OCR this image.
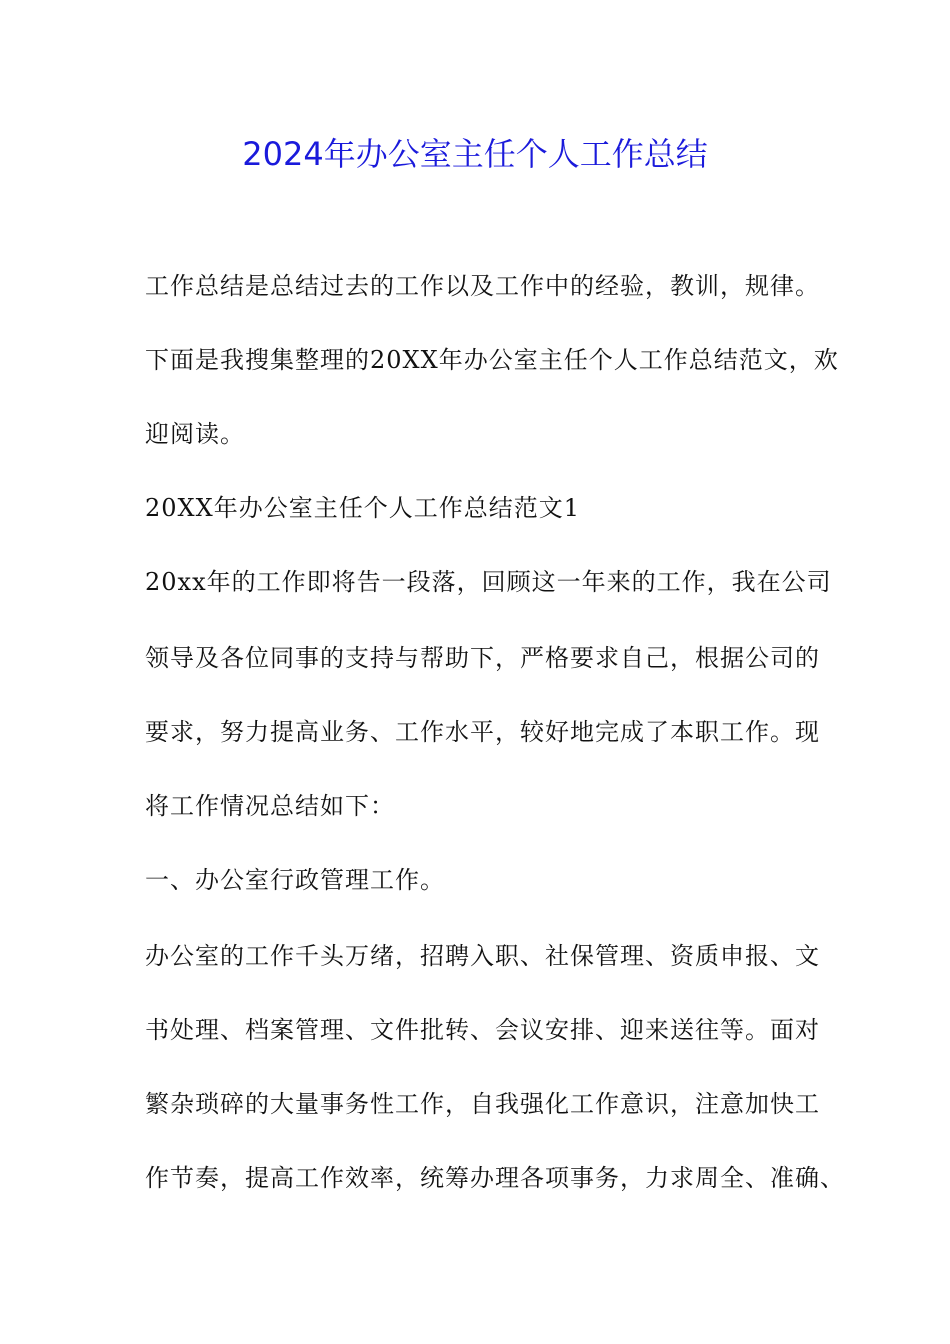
2024年办公室主任个人工作总结
工作总结是总结过去的工作以及工作中的经验，教训，规律。
下面是我搜集整理的20XX年办公室主任个人工作总结范文，欢
迎阅读。
20XX年办公室主任个人工作总结范文1
20xx年的工作即将告一段落，回顾这一年来的工作，我在公司
领导及各位同事的支持与帮助下，严格要求自己，根据公司的
要求，努力提高业务、工作水平，较好地完成了本职工作。现
将工作情况总结如下：
一、办公室行政管理工作。
办公室的工作千头万绪，招聘入职、社保管理、资质申报、文
书处理、档案管理、文件批转、会议安排、迎来送往等。面对
繁杂琐碎的大量事务性工作，自我强化工作意识，注意加快工
作节奏，提高工作效率，统筹办理各项事务，力求周全、准确、
